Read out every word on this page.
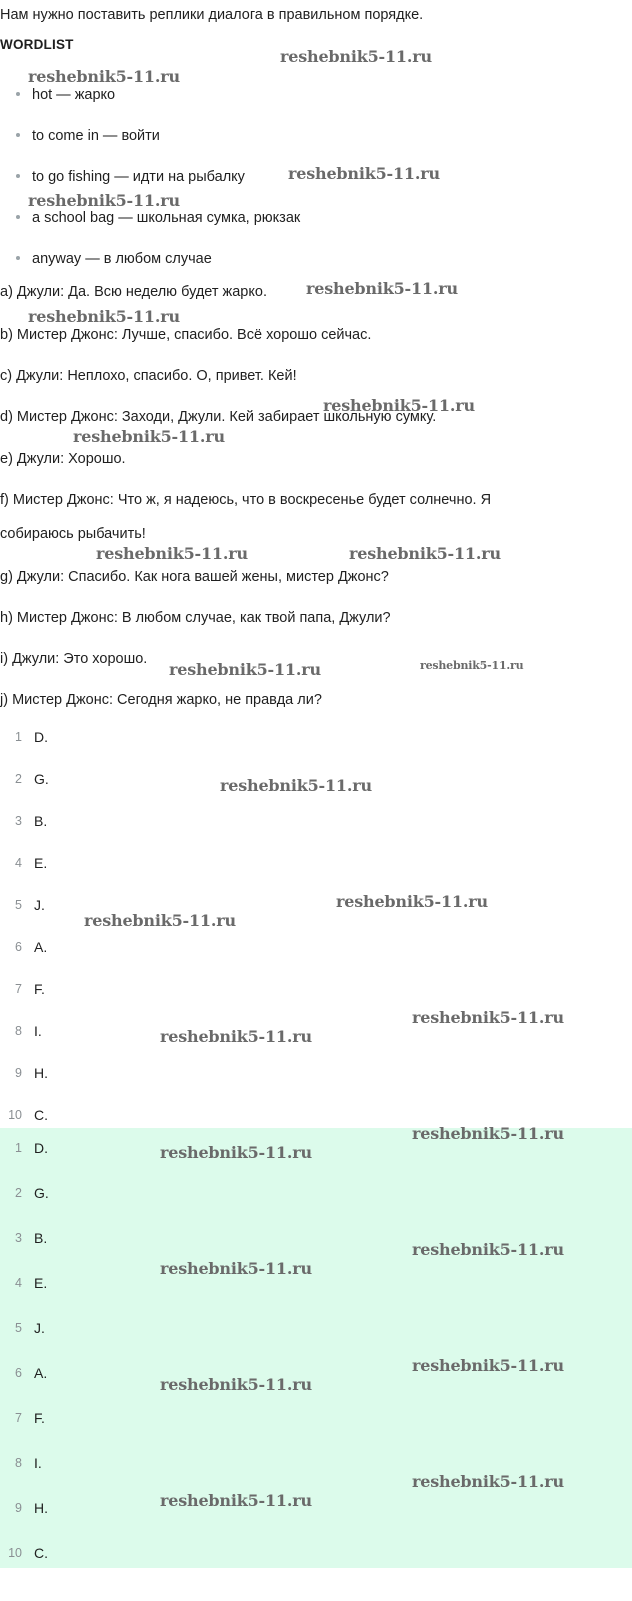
Нам нужно поставить реплики диалога в правильном порядке.
WORDLIST
hot — жарко
to come in — войти
to go fishing — идти на рыбалку
a school bag — школьная сумка, рюкзак
anyway — в любом случае
a) Джули: Да. Всю неделю будет жарко.
b) Мистер Джонс: Лучше, спасибо. Всё хорошо сейчас.
c) Джули: Неплохо, спасибо. О, привет. Кей!
d) Мистер Джонс: Заходи, Джули. Кей забирает школьную сумку.
e) Джули: Хорошо.
f) Мистер Джонс: Что ж, я надеюсь, что в воскресенье будет солнечно. Я
собираюсь рыбачить!
g) Джули: Спасибо. Как нога вашей жены, мистер Джонс?
h) Мистер Джонс: В любом случае, как твой папа, Джули?
i) Джули: Это хорошо.
j) Мистер Джонс: Сегодня жарко, не правда ли?
1 D.
2 G.
3 B.
4 E.
5 J.
6 A.
7 F.
8 I.
9 H.
10 C.
1 D.
2 G.
3 B.
4 E.
5 J.
6 A.
7 F.
8 I.
9 H.
10 C.
reshebnik5-11.ru
reshebnik5-11.ru
reshebnik5-11.ru
reshebnik5-11.ru
reshebnik5-11.ru
reshebnik5-11.ru
reshebnik5-11.ru
reshebnik5-11.ru
reshebnik5-11.ru	reshebnik5-11.ru
reshebnik5-11.ru	reshebnik5-11.ru
reshebnik5-11.ru
reshebnik5-11.ru
reshebnik5-11.ru
reshebnik5-11.ru
reshebnik5-11.ru
reshebnik5-11.ru
reshebnik5-11.ru
reshebnik5-11.ru
reshebnik5-11.ru
reshebnik5-11.ru
reshebnik5-11.ru
reshebnik5-11.ru
reshebnik5-11.ru
